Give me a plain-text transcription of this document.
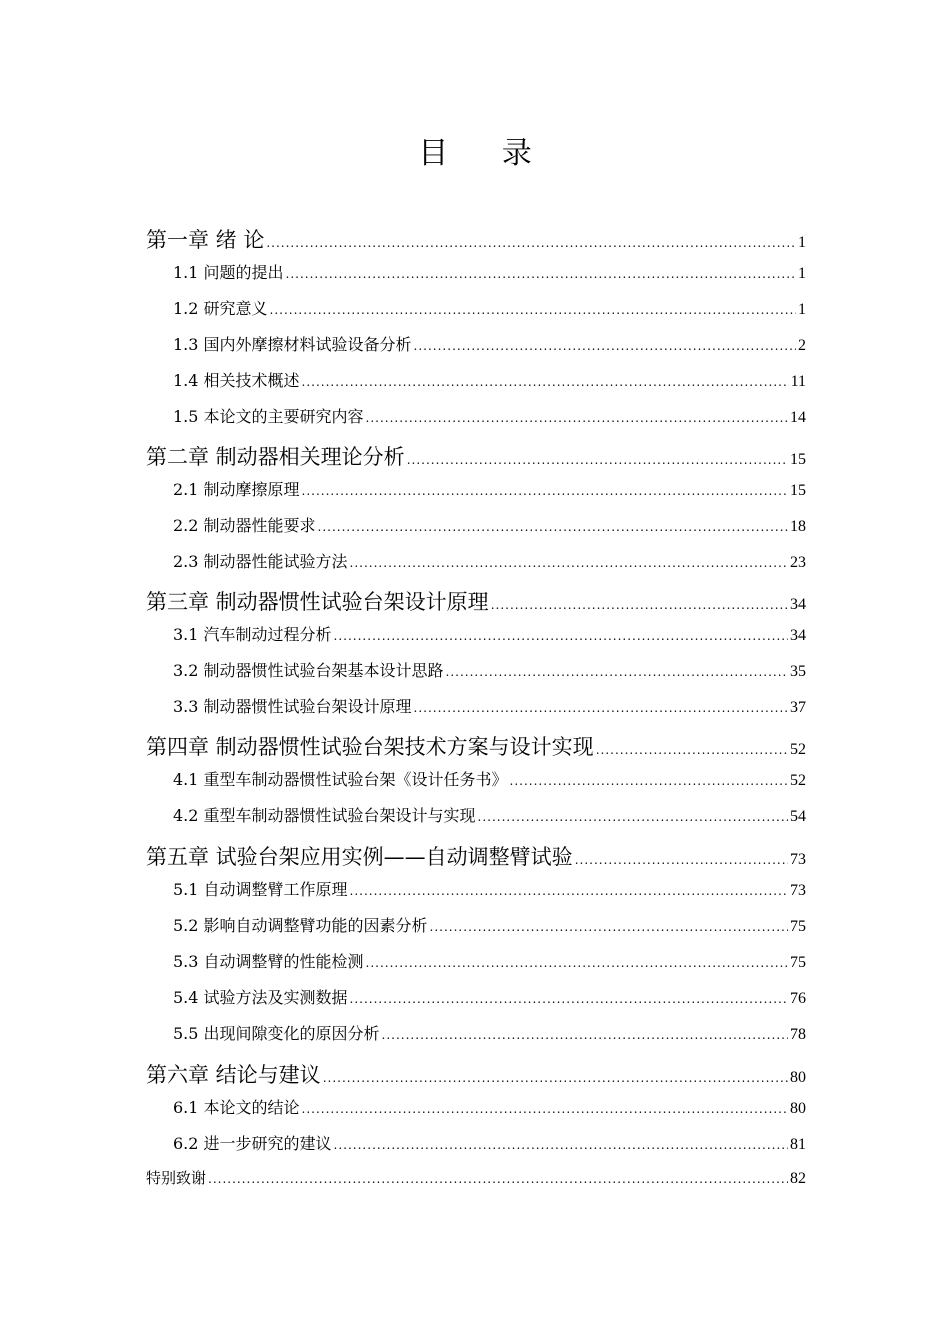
目 录
第一章 绪 论 .....	1
1.1 问题的提出 .....	1
1.2 研究意义 .....	1
1.3 国内外摩擦材料试验设备分析 .....	2
1.4 相关技术概述 .....	11
1.5 本论文的主要研究内容 .....	14
第二章 制动器相关理论分析 .....	15
2.1 制动摩擦原理 .....	15
2.2 制动器性能要求 .....	18
2.3 制动器性能试验方法 .....	23
第三章 制动器惯性试验台架设计原理 .....	34
3.1 汽车制动过程分析 .....	34
3.2 制动器惯性试验台架基本设计思路 .....	35
3.3 制动器惯性试验台架设计原理 .....	37
第四章 制动器惯性试验台架技术方案与设计实现 .....	52
4.1 重型车制动器惯性试验台架《设计任务书》 .....	52
4.2 重型车制动器惯性试验台架设计与实现 .....	54
第五章 试验台架应用实例——自动调整臂试验 .....	73
5.1 自动调整臂工作原理 .....	73
5.2 影响自动调整臂功能的因素分析 .....	75
5.3 自动调整臂的性能检测 .....	75
5.4 试验方法及实测数据 .....	76
5.5 出现间隙变化的原因分析 .....	78
第六章 结论与建议 .....	80
6.1 本论文的结论 .....	80
6.2 进一步研究的建议 .....	81
特别致谢 .....	82
